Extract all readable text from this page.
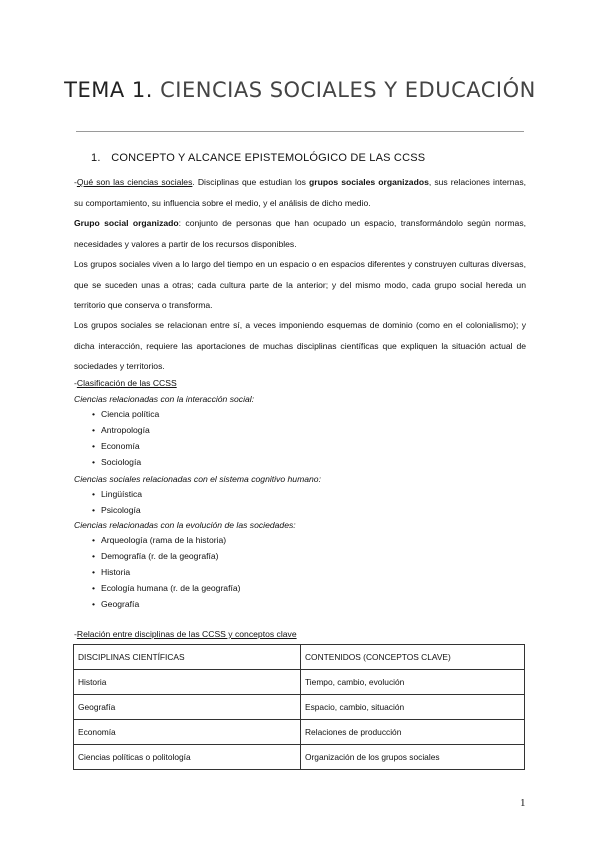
TEMA 1. CIENCIAS SOCIALES Y EDUCACIÓN
1. CONCEPTO Y ALCANCE EPISTEMOLÓGICO DE LAS CCSS
-Qué son las ciencias sociales. Disciplinas que estudian los grupos sociales organizados, sus relaciones internas, su comportamiento, su influencia sobre el medio, y el análisis de dicho medio.
Grupo social organizado: conjunto de personas que han ocupado un espacio, transformándolo según normas, necesidades y valores a partir de los recursos disponibles.
Los grupos sociales viven a lo largo del tiempo en un espacio o en espacios diferentes y construyen culturas diversas, que se suceden unas a otras; cada cultura parte de la anterior; y del mismo modo, cada grupo social hereda un territorio que conserva o transforma.
Los grupos sociales se relacionan entre sí, a veces imponiendo esquemas de dominio (como en el colonialismo); y dicha interacción, requiere las aportaciones de muchas disciplinas científicas que expliquen la situación actual de sociedades y territorios.
-Clasificación de las CCSS
Ciencias relacionadas con la interacción social:
• Ciencia política
• Antropología
• Economía
• Sociología
Ciencias sociales relacionadas con el sistema cognitivo humano:
• Lingüística
• Psicología
Ciencias relacionadas con la evolución de las sociedades:
• Arqueología (rama de la historia)
• Demografía (r. de la geografía)
• Historia
• Ecología humana (r. de la geografía)
• Geografía
-Relación entre disciplinas de las CCSS y conceptos clave
DISCIPLINAS CIENTÍFICAS	CONTENIDOS (CONCEPTOS CLAVE)
Historia	Tiempo, cambio, evolución
Geografía	Espacio, cambio, situación
Economía	Relaciones de producción
Ciencias políticas o politología	Organización de los grupos sociales
1
